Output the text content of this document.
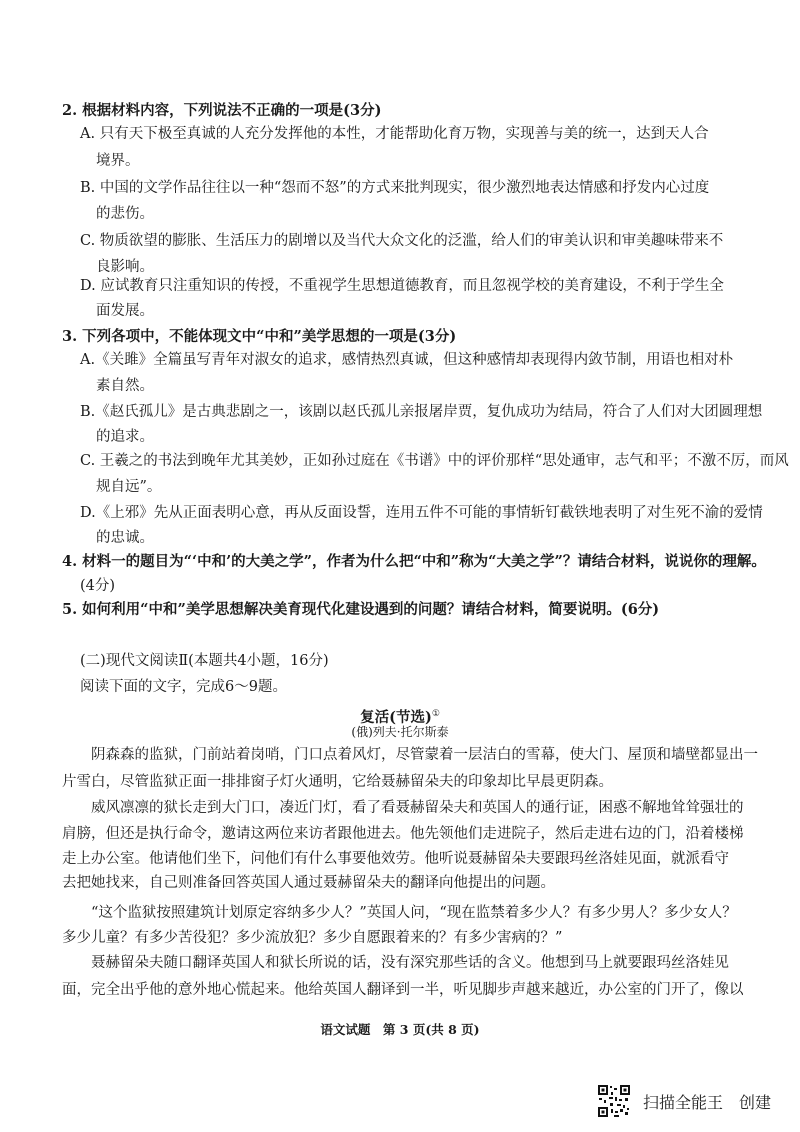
2. 根据材料内容，下列说法不正确的一项是(3分)
A. 只有天下极至真诚的人充分发挥他的本性，才能帮助化育万物，实现善与美的统一，达到天人合
境界。
B. 中国的文学作品往往以一种“怨而不怒”的方式来批判现实，很少激烈地表达情感和抒发内心过度
的悲伤。
C. 物质欲望的膨胀、生活压力的剧增以及当代大众文化的泛滥，给人们的审美认识和审美趣味带来不
良影响。
D. 应试教育只注重知识的传授，不重视学生思想道德教育，而且忽视学校的美育建设，不利于学生全
面发展。
3. 下列各项中，不能体现文中“中和”美学思想的一项是(3分)
A.《关雎》全篇虽写青年对淑女的追求，感情热烈真诚，但这种感情却表现得内敛节制，用语也相对朴
素自然。
B.《赵氏孤儿》是古典悲剧之一，该剧以赵氏孤儿亲报屠岸贾，复仇成功为结局，符合了人们对大团圆理想
的追求。
C. 王羲之的书法到晚年尤其美妙，正如孙过庭在《书谱》中的评价那样“思处通审，志气和平；不激不厉，而风
规自远”。
D.《上邪》先从正面表明心意，再从反面设誓，连用五件不可能的事情斩钉截铁地表明了对生死不渝的爱情
的忠诚。
4. 材料一的题目为“‘中和’的大美之学”，作者为什么把“中和”称为“大美之学”？请结合材料，说说你的理解。
(4分)
5. 如何利用“中和”美学思想解决美育现代化建设遇到的问题？请结合材料，简要说明。(6分)
(二)现代文阅读Ⅱ(本题共4小题，16分)
阅读下面的文字，完成6～9题。
复活(节选)①
(俄)列夫·托尔斯泰
　　阴森森的监狱，门前站着岗哨，门口点着风灯，尽管蒙着一层洁白的雪幕，使大门、屋顶和墙壁都显出一
片雪白，尽管监狱正面一排排窗子灯火通明，它给聂赫留朵夫的印象却比早晨更阴森。
　　威风凛凛的狱长走到大门口，凑近门灯，看了看聂赫留朵夫和英国人的通行证，困惑不解地耸耸强壮的
肩膀，但还是执行命令，邀请这两位来访者跟他进去。他先领他们走进院子，然后走进右边的门，沿着楼梯
走上办公室。他请他们坐下，问他们有什么事要他效劳。他听说聂赫留朵夫要跟玛丝洛娃见面，就派看守
去把她找来，自己则准备回答英国人通过聂赫留朵夫的翻译向他提出的问题。
　　“这个监狱按照建筑计划原定容纳多少人？”英国人问，“现在监禁着多少人？有多少男人？多少女人？
多少儿童？有多少苦役犯？多少流放犯？多少自愿跟着来的？有多少害病的？”
　　聂赫留朵夫随口翻译英国人和狱长所说的话，没有深究那些话的含义。他想到马上就要跟玛丝洛娃见
面，完全出乎他的意外地心慌起来。他给英国人翻译到一半，听见脚步声越来越近，办公室的门开了，像以
语文试题　第 3 页(共 8 页)
扫描全能王　创建
